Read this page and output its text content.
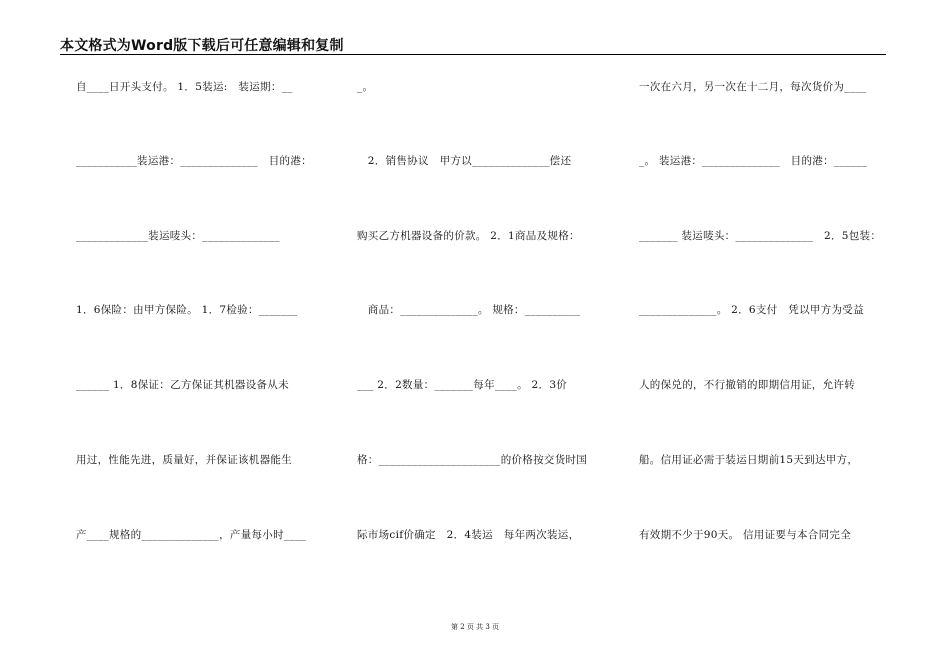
本文格式为Word版下载后可任意编辑和复制
自____日开头支付。 1．5装运:　装运期：__
___________装运港：______________　目的港：
_____________装运唛头：______________
1．6保险：由甲方保险。 1．7检验：_______
______ 1．8保证：乙方保证其机器设备从未
用过，性能先进，质量好，并保证该机器能生
产____规格的______________，产量每小时____
_。
　2．销售协议　甲方以______________偿还
购买乙方机器设备的价款。 2．1商品及规格：
　商品：______________。 规格：__________
___ 2．2数量：_______每年____。 2．3价
格：______________________的价格按交货时国
际市场cif价确定　2．4装运　每年两次装运，
一次在六月，另一次在十二月，每次货价为____
_。 装运港：______________　目的港：______
_______ 装运唛头：______________　2．5包装：
______________。 2．6支付　凭以甲方为受益
人的保兑的，不行撤销的即期信用证，允许转
船。信用证必需于装运日期前15天到达甲方，
有效期不少于90天。 信用证要与本合同完全
第 2 页 共 3 页
